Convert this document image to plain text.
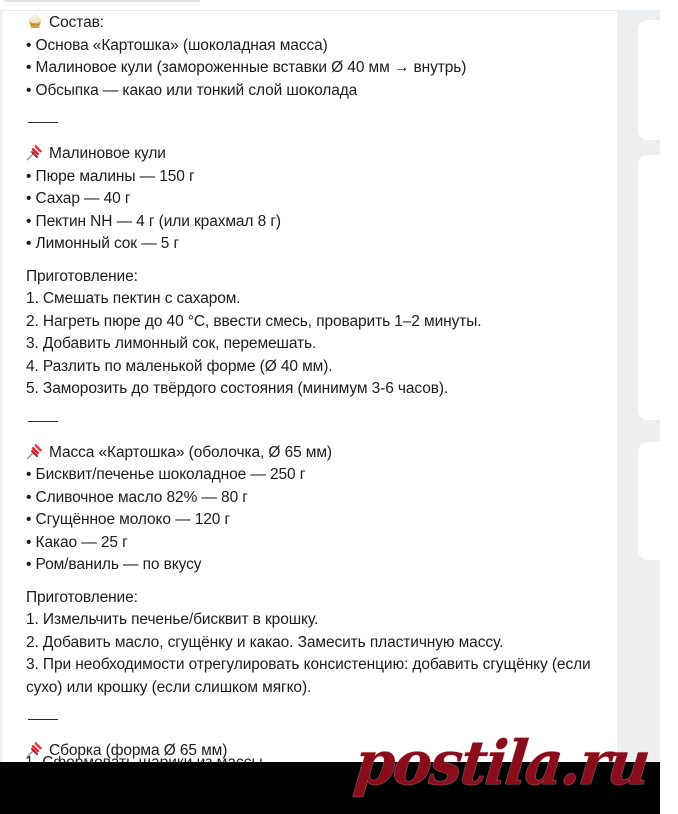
Состав:
• Основа «Картошка» (шоколадная масса)
• Малиновое кули (замороженные вставки Ø 40 мм → внутрь)
• Обсыпка — какао или тонкий слой шоколада
Малиновое кули
• Пюре малины — 150 г
• Сахар — 40 г
• Пектин NH — 4 г (или крахмал 8 г)
• Лимонный сок — 5 г
Приготовление:
1. Смешать пектин с сахаром.
2. Нагреть пюре до 40 °C, ввести смесь, проварить 1–2 минуты.
3. Добавить лимонный сок, перемешать.
4. Разлить по маленькой форме (Ø 40 мм).
5. Заморозить до твёрдого состояния (минимум 3-6 часов).
Масса «Картошка» (оболочка, Ø 65 мм)
• Бисквит/печенье шоколадное — 250 г
• Сливочное масло 82% — 80 г
• Сгущённое молоко — 120 г
• Какао — 25 г
• Ром/ваниль — по вкусу
Приготовление:
1. Измельчить печенье/бисквит в крошку.
2. Добавить масло, сгущёнку и какао. Замесить пластичную массу.
3. При необходимости отрегулировать консистенцию: добавить сгущёнку (если сухо) или крошку (если слишком мягко).
Сборка (форма Ø 65 мм)	postila.ru
